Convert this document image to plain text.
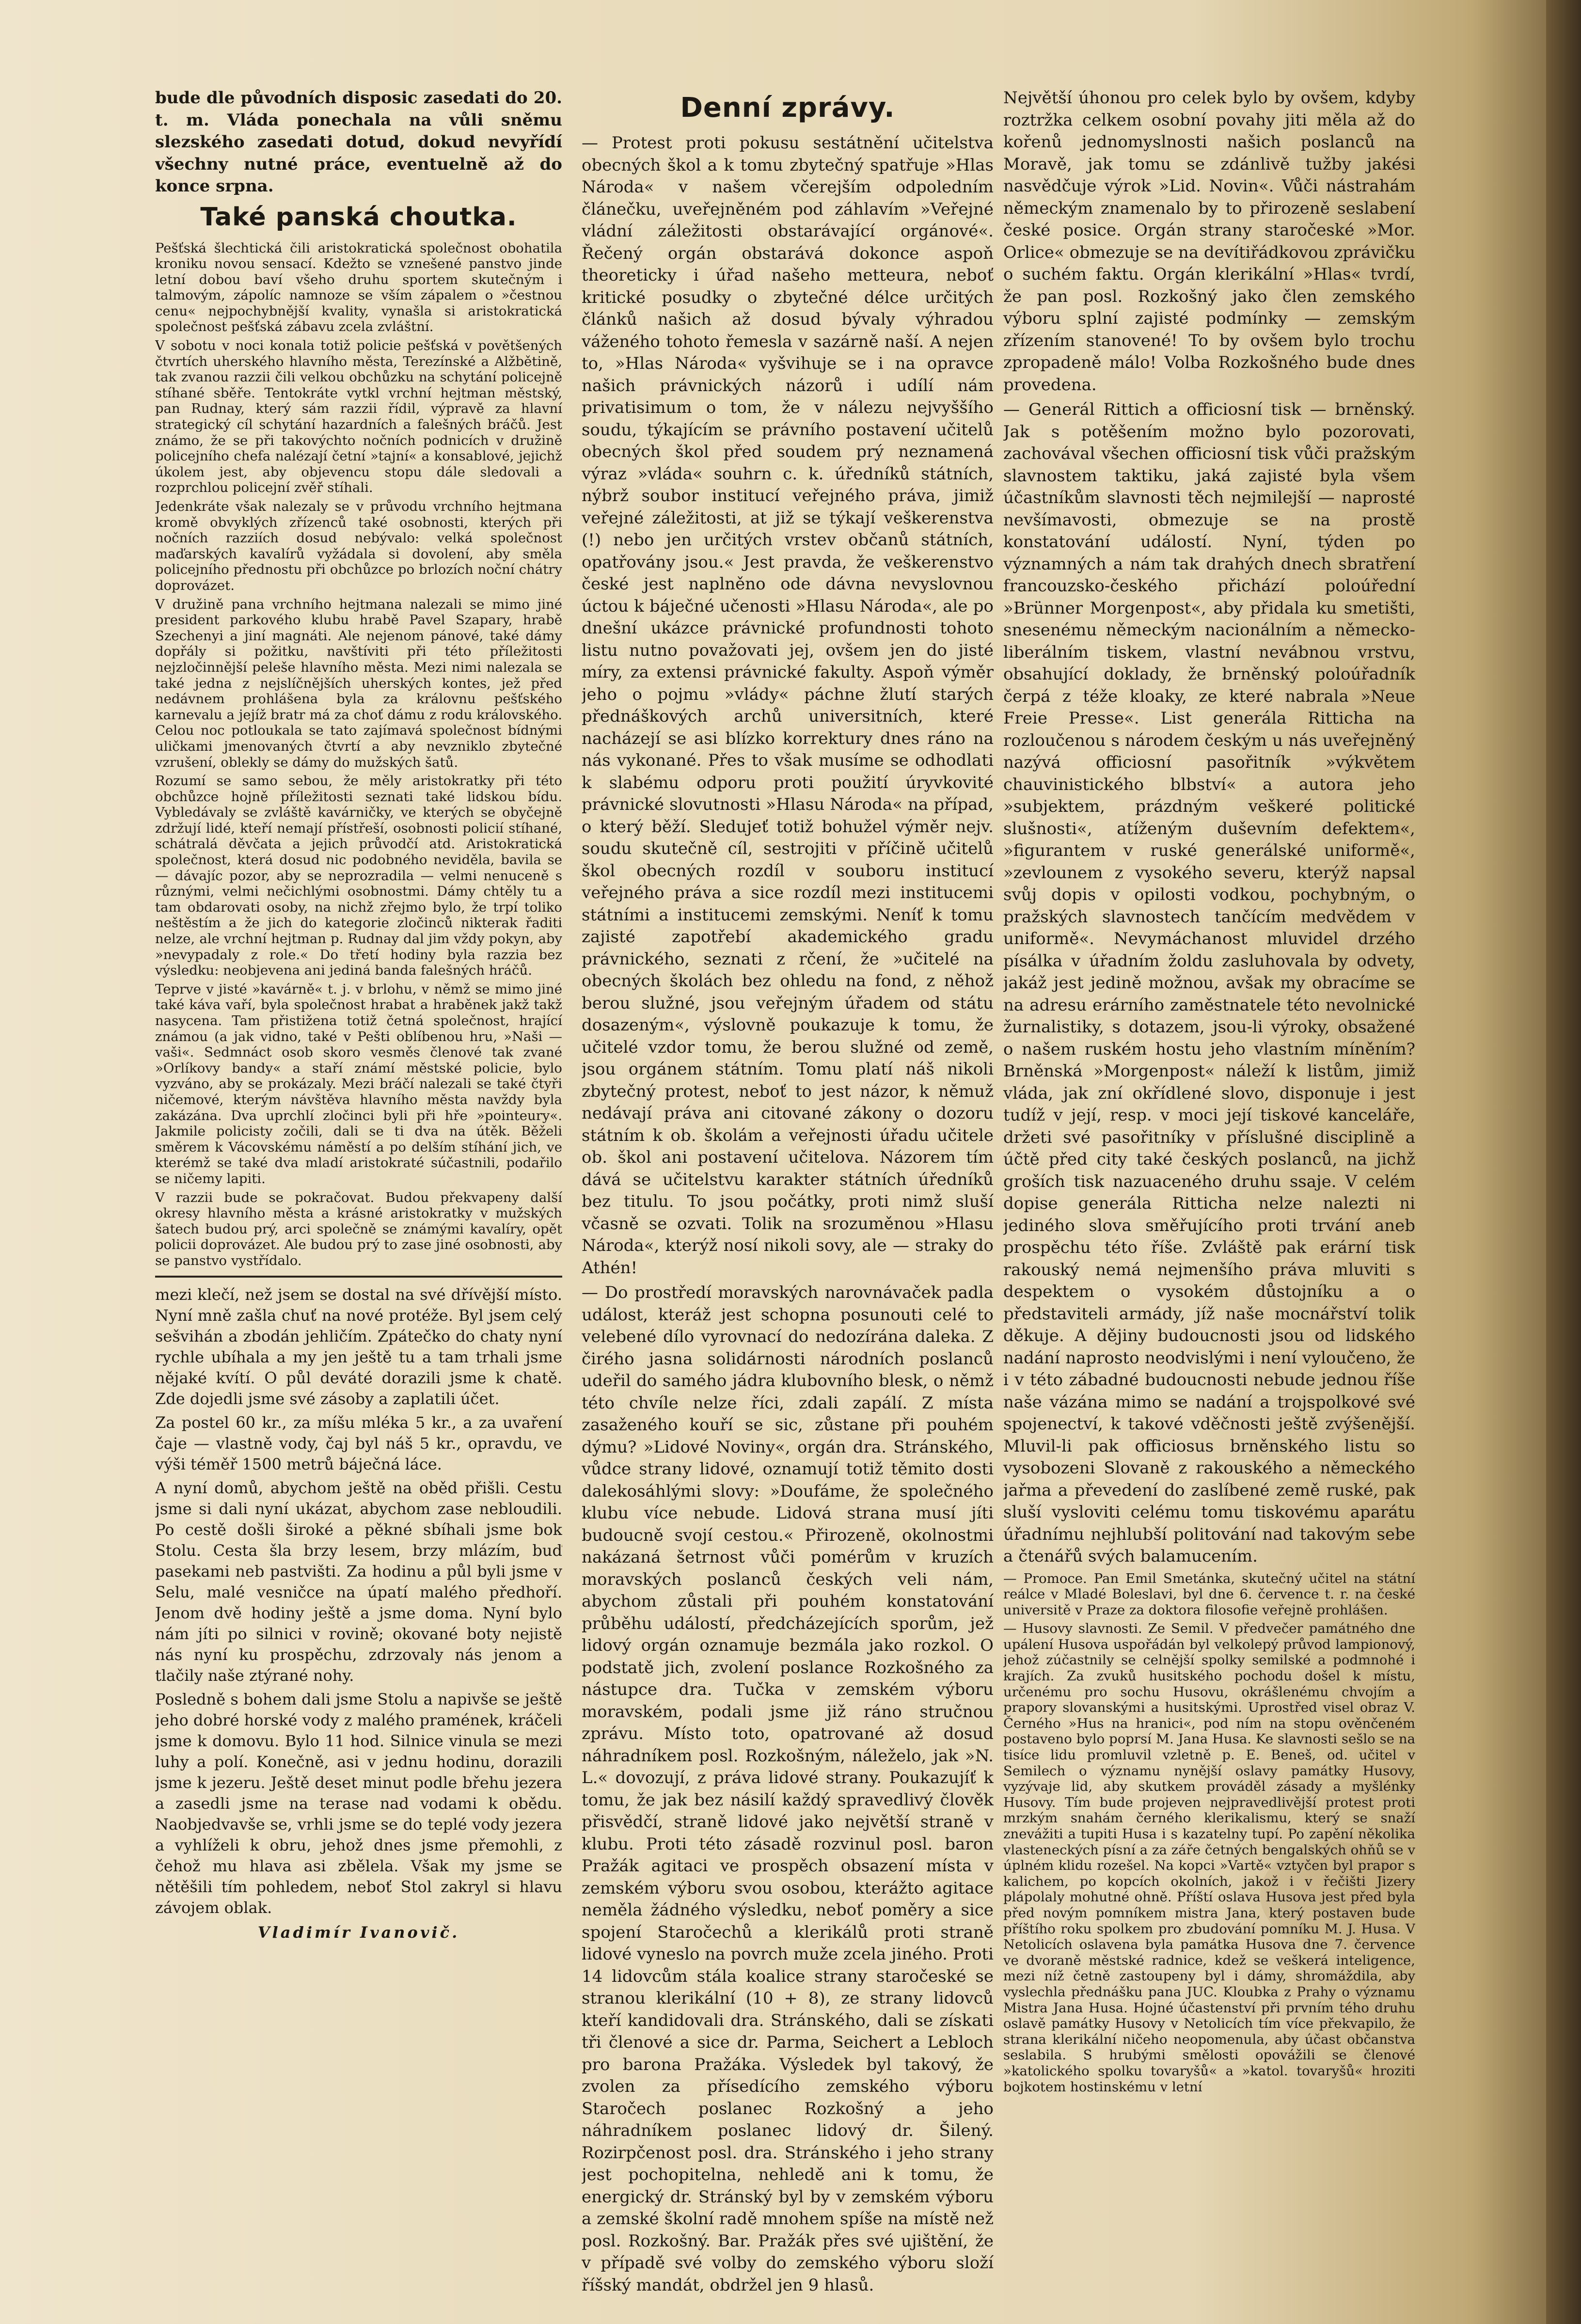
bude dle původních disposic zasedati do 20. t. m. Vláda ponechala na vůli sněmu slezského zasedati dotud, dokud nevyřídí všechny nutné práce, eventuelně až do konce srpna.

Také panská choutka.

Pešťská šlechtická čili aristokratická společnost obohatila kroniku novou sensací. Kdežto se vznešené panstvo jinde letní dobou baví všeho druhu sportem skutečným i talmovým, zápolíc namnoze se vším zápalem o »čestnou cenu« nejpochybnější kvality, vynašla si aristokratická společnost pešťská zábavu zcela zvláštní.

V sobotu v noci konala totiž policie pešťská v povětšených čtvrtích uherského hlavního města, Terezínské a Alžbětině, tak zvanou razzii čili velkou obchůzku na schytání policejně stíhané sběře. Tentokráte vytkl vrchní hejtman městský, pan Rudnay, který sám razzii řídil, výpravě za hlavní strategický cíl schytání hazardních a falešných bráčů. Jest známo, že se při takovýchto nočních podnicích v družině policejního chefa nalézají četní »tajní« a konsablové, jejichž úkolem jest, aby objevencu stopu dále sledovali a rozprchlou policejní zvěř stíhali.

Jedenkráte však nalezaly se v průvodu vrchního hejtmana kromě obvyklých zřízenců také osobnosti, kterých při nočních razziích dosud nebývalo: velká společnost maďarských kavalírů vyžádala si dovolení, aby směla policejního přednostu při obchůzce po brlozích noční chátry doprovázet.

V družině pana vrchního hejtmana nalezali se mimo jiné president parkového klubu hrabě Pavel Szapary, hrabě Szechenyi a jiní magnáti. Ale nejenom pánové, také dámy dopřály si požitku, navštíviti při této příležitosti nejzločinnější peleše hlavního města. Mezi nimi nalezala se také jedna z nejslíčnějších uherských kontes, jež před nedávnem prohlášena byla za královnu pešťského karnevalu a jejíž bratr má za choť dámu z rodu královského. Celou noc potloukala se tato zajímavá společnost bídnými uličkami jmenovaných čtvrtí a aby nevzniklo zbytečné vzrušení, oblekly se dámy do mužských šatů.

Rozumí se samo sebou, že měly aristokratky při této obchůzce hojně příležitosti seznati také lidskou bídu. Vybledávaly se zvláště kavárničky, ve kterých se obyčejně zdržují lidé, kteří nemají přístřeší, osobnosti policií stíhané, schátralá děvčata a jejich průvodčí atd. Aristokratická společnost, která dosud nic podobného neviděla, bavila se — dávajíc pozor, aby se neprozradila — velmi nenuceně s různými, velmi nečichlými osobnostmi. Dámy chtěly tu a tam obdarovati osoby, na nichž zřejmo bylo, že trpí toliko neštěstím a že jich do kategorie zločinců nikterak řaditi nelze, ale vrchní hejtman p. Rudnay dal jim vždy pokyn, aby »nevypadaly z role.« Do třetí hodiny byla razzia bez výsledku: neobjevena ani jediná banda falešných hráčů.

Teprve v jisté »kavárně« t. j. v brlohu, v němž se mimo jiné také káva vaří, byla společnost hrabat a hraběnek jakž takž nasycena. Tam přistižena totiž četná společnost, hrající známou (a jak vidno, také v Pešti oblíbenou hru, »Naši — vaši«. Sedmnáct osob skoro vesměs členové tak zvané »Orlíkovy bandy« a staří známí městské policie, bylo vyzváno, aby se prokázaly. Mezi bráčí nalezali se také čtyři ničemové, kterým návštěva hlavního města navždy byla zakázána. Dva uprchlí zločinci byli při hře »pointeury«. Jakmile policisty zočili, dali se ti dva na útěk. Běželi směrem k Vácovskému náměstí a po delším stíhání jich, ve kterémž se také dva mladí aristokraté súčastnili, podařilo se ničemy lapiti.

V razzii bude se pokračovat. Budou překvapeny další okresy hlavního města a krásné aristokratky v mužských šatech budou prý, arci společně se známými kavalíry, opět policii doprovázet. Ale budou prý to zase jiné osobnosti, aby se panstvo vystřídalo.

mezi klečí, než jsem se dostal na své dřívější místo. Nyní mně zašla chuť na nové protéže. Byl jsem celý sešvihán a zbodán jehličím. Zpátečko do chaty nyní rychle ubíhala a my jen ještě tu a tam trhali jsme nějaké kvítí. O půl deváté dorazili jsme k chatě. Zde dojedli jsme své zásoby a zaplatili účet.

Za postel 60 kr., za míšu mléka 5 kr., a za uvaření čaje — vlastně vody, čaj byl náš 5 kr., opravdu, ve výši téměř 1500 metrů báječná láce.

A nyní domů, abychom ještě na oběd přišli. Cestu jsme si dali nyní ukázat, abychom zase nebloudili. Po cestě došli široké a pěkné sbíhali jsme bok Stolu. Cesta šla brzy lesem, brzy mlázím, buď pasekami neb pastvišti. Za hodinu a půl byli jsme v Selu, malé vesničce na úpatí malého předhoří. Jenom dvě hodiny ještě a jsme doma. Nyní bylo nám jíti po silnici v rovině; okované boty nejistě nás nyní ku prospěchu, zdrzovaly nás jenom a tlačily naše ztýrané nohy.

Posledně s bohem dali jsme Stolu a napivše se ještě jeho dobré horské vody z malého pramének, kráčeli jsme k domovu. Bylo 11 hod. Silnice vinula se mezi luhy a polí. Konečně, asi v jednu hodinu, dorazili jsme k jezeru. Ještě deset minut podle břehu jezera a zasedli jsme na terase nad vodami k obědu. Naobjedvavše se, vrhli jsme se do teplé vody jezera a vyhlíželi k obru, jehož dnes jsme přemohli, z čehož mu hlava asi zbělela. Však my jsme se nětěšili tím pohledem, neboť Stol zakryl si hlavu závojem oblak.

Vladimír Ivanovič.
Denní zprávy.

— Protest proti pokusu sestátnění učitelstva obecných škol a k tomu zbytečný spatřuje »Hlas Národa« v našem včerejším odpoledním článečku, uveřejněném pod záhlavím »Veřejné vládní záležitosti obstarávající orgánové«. Řečený orgán obstarává dokonce aspoň theoreticky i úřad našeho metteura, neboť kritické posudky o zbytečné délce určitých článků našich až dosud bývaly výhradou váženého tohoto řemesla v sazárně naší. A nejen to, »Hlas Národa« vyšvihuje se i na opravce našich právnických názorů i udílí nám privatisimum o tom, že v nálezu nejvyššího soudu, týkajícím se právního postavení učitelů obecných škol před soudem prý neznamená výraz »vláda« souhrn c. k. úředníků státních, nýbrž soubor institucí veřejného práva, jimiž veřejné záležitosti, at již se týkají veškerenstva (!) nebo jen určitých vrstev občanů státních, opatřovány jsou.« Jest pravda, že veškerenstvo české jest naplněno ode dávna nevyslovnou úctou k báječné učenosti »Hlasu Národa«, ale po dnešní ukázce právnické profundnosti tohoto listu nutno považovati jej, ovšem jen do jisté míry, za extensi právnické fakulty. Aspoň výměr jeho o pojmu »vlády« páchne žlutí starých přednáškových archů universitních, které nacházejí se asi blízko korrektury dnes ráno na nás vykonané. Přes to však musíme se odhodlati k slabému odporu proti použití úryvkovité právnické slovutnosti »Hlasu Národa« na případ, o který běží. Sledujeť totiž bohužel výměr nejv. soudu skutečně cíl, sestrojiti v příčině učitelů škol obecných rozdíl v souboru institucí veřejného práva a sice rozdíl mezi institucemi státními a institucemi zemskými. Neníť k tomu zajisté zapotřebí akademického gradu právnického, seznati z rčení, že »učitelé na obecných školách bez ohledu na fond, z něhož berou služné, jsou veřejným úřadem od státu dosazeným«, výslovně poukazuje k tomu, že učitelé vzdor tomu, že berou služné od země, jsou orgánem státním. Tomu platí náš nikoli zbytečný protest, neboť to jest názor, k němuž nedávají práva ani citované zákony o dozoru státním k ob. školám a veřejnosti úřadu učitele ob. škol ani postavení učitelova. Názorem tím dává se učitelstvu karakter státních úředníků bez titulu. To jsou počátky, proti nimž sluší včasně se ozvati. Tolik na srozuměnou »Hlasu Národa«, kterýž nosí nikoli sovy, ale — straky do Athén!

— Do prostředí moravských narovnávaček padla událost, kteráž jest schopna posunouti celé to velebené dílo vyrovnací do nedozírána daleka. Z čirého jasna solidárnosti národních poslanců udeřil do samého jádra klubovního blesk, o němž této chvíle nelze říci, zdali zapálí. Z místa zasaženého kouří se sic, zůstane při pouhém dýmu? »Lidové Noviny«, orgán dra. Stránského, vůdce strany lidové, oznamují totiž těmito dosti dalekosáhlými slovy: »Doufáme, že společného klubu více nebude. Lidová strana musí jíti budoucně svojí cestou.« Přirozeně, okolnostmi nakázaná šetrnost vůči pomérům v kruzích moravských poslanců českých veli nám, abychom zůstali při pouhém konstatování průběhu událostí, předcházejících sporům, jež lidový orgán oznamuje bezmála jako rozkol. O podstatě jich, zvolení poslance Rozkošného za nástupce dra. Tučka v zemském výboru moravském, podali jsme již ráno stručnou zprávu. Místo toto, opatrované až dosud náhradníkem posl. Rozkošným, náleželo, jak »N. L.« dovozují, z práva lidové strany. Poukazujíť k tomu, že jak bez násilí každý spravedlivý člověk přisvědčí, straně lidové jako největší straně v klubu. Proti této zásadě rozvinul posl. baron Pražák agitaci ve prospěch obsazení místa v zemském výboru svou osobou, kterážto agitace neměla žádného výsledku, neboť poměry a sice spojení Staročechů a klerikálů proti straně lidové vyneslo na povrch muže zcela jiného. Proti 14 lidovcům stála koalice strany staročeské se stranou klerikální (10 + 8), ze strany lidovců kteří kandidovali dra. Stránského, dali se získati tři členové a sice dr. Parma, Seichert a Lebloch pro barona Pražáka. Výsledek byl takový, že zvolen za přísedícího zemského výboru Staročech poslanec Rozkošný a jeho náhradníkem poslanec lidový dr. Šilený. Rozirpčenost posl. dra. Stránského i jeho strany jest pochopitelna, nehledě ani k tomu, že energický dr. Stránský byl by v zemském výboru a zemské školní radě mnohem spíše na místě než posl. Rozkošný. Bar. Pražák přes své ujištění, že v případě své volby do zemského výboru složí říšský mandát, obdržel jen 9 hlasů.

Největší úhonou pro celek bylo by ovšem, kdyby roztržka celkem osobní povahy jiti měla až do kořenů jednomyslnosti našich poslanců na Moravě, jak tomu se zdánlivě tužby jakési nasvědčuje výrok »Lid. Novin«. Vůči nástrahám německým znamenalo by to přirozeně seslabení české posice. Orgán strany staročeské »Mor. Orlice« obmezuje se na devítiřádkovou zprávičku o suchém faktu. Orgán klerikální »Hlas« tvrdí, že pan posl. Rozkošný jako člen zemského výboru splní zajisté podmínky — zemským zřízením stanovené! To by ovšem bylo trochu zpropadeně málo! Volba Rozkošného bude dnes provedena.

— Generál Rittich a officiosní tisk — brněnský. Jak s potěšením možno bylo pozorovati, zachovával všechen officiosní tisk vůči pražským slavnostem taktiku, jaká zajisté byla všem účastníkům slavnosti těch nejmilejší — naprosté nevšímavosti, obmezuje se na prostě konstatování událostí. Nyní, týden po významných a nám tak drahých dnech sbratření francouzsko-českého přichází poloúřední »Brünner Morgenpost«, aby přidala ku smetišti, snesenému německým nacionálním a německo-liberálním tiskem, vlastní nevábnou vrstvu, obsahující doklady, že brněnský poloúřadník čerpá z téže kloaky, ze které nabrala »Neue Freie Presse«. List generála Ritticha na rozloučenou s národem českým u nás uveřejněný nazývá officiosní pasořitník »výkvětem chauvinistického blbství« a autora jeho »subjektem, prázdným veškeré politické slušnosti«, atíženým duševním defektem«, »figurantem v ruské generálské uniformě«, »zevlounem z vysokého severu, kterýž napsal svůj dopis v opilosti vodkou, pochybným, o pražských slavnostech tančícím medvědem v uniformě«. Nevymáchanost mluvidel drzého písálka v úřadním žoldu zasluhovala by odvety, jakáž jest jedině možnou, avšak my obracíme se na adresu erárního zaměstnatele této nevolnické žurnalistiky, s dotazem, jsou-li výroky, obsažené o našem ruském hostu jeho vlastním míněním? Brněnská »Morgenpost« náleží k listům, jimiž vláda, jak zní okřídlené slovo, disponuje i jest tudíž v její, resp. v moci její tiskové kanceláře, držeti své pasořitníky v příslušné disciplině a účtě před city také českých poslanců, na jichž groších tisk nazuaceného druhu ssaje. V celém dopise generála Ritticha nelze nalezti ni jediného slova směřujícího proti trvání aneb prospěchu této říše. Zvláště pak erární tisk rakouský nemá nejmenšího práva mluviti s despektem o vysokém důstojníku a o představiteli armády, jíž naše mocnářství tolik děkuje. A dějiny budoucnosti jsou od lidského nadání naprosto neodvislými i není vyloučeno, že i v této zábadné budoucnosti nebude jednou říše naše vázána mimo se nadání a trojspolkové své spojenectví, k takové vděčnosti ještě zvýšenější. Mluvil-li pak officiosus brněnského listu so vysobozeni Slovaně z rakouského a německého jařma a převedení do zaslíbené země ruské, pak sluší vysloviti celému tomu tiskovému aparátu úřadnímu nejhlubší politování nad takovým sebe a čtenářů svých balamucením.

— Promoce. Pan Emil Smetánka, skutečný učitel na státní reálce v Mladé Boleslavi, byl dne 6. července t. r. na české universitě v Praze za doktora filosofie veřejně prohlášen.

— Husovy slavnosti. Ze Semil. V předvečer památného dne upálení Husova uspořádán byl velkolepý průvod lampionový, jehož zúčastnily se celnější spolky semilské a podmnohé i krajích. Za zvuků husitského pochodu došel k místu, určenému pro sochu Husovu, okrášlenému chvojím a prapory slovanskými a husitskými. Uprostřed visel obraz V. Černého »Hus na hranici«, pod ním na stopu ověnčeném postaveno bylo poprsí M. Jana Husa. Ke slavnosti sešlo se na tisíce lidu promluvil vzletně p. E. Beneš, od. učitel v Semilech o významu nynější oslavy památky Husovy, vyzývaje lid, aby skutkem prováděl zásady a myšlénky Husovy. Tím bude projeven nejpravedlivější protest proti mrzkým snahám černého klerikalismu, který se snaží znevážiti a tupiti Husa i s kazatelny tupí. Po zapění několika vlasteneckých písní a za záře četných bengalských ohňů se v úplném klidu rozešel. Na kopci »Vartě« vztyčen byl prapor s kalichem, po kopcích okolních, jakož i v řečišti Jizery plápolaly mohutné ohně. Příští oslava Husova jest před byla před novým pomníkem mistra Jana, který postaven bude příštího roku spolkem pro zbudování pomníku M. J. Husa. V Netolicích oslavena byla památka Husova dne 7. července ve dvoraně městské radnice, kdež se veškerá inteligence, mezi níž četně zastoupeny byl i dámy, shromáždila, aby vyslechla přednášku pana JUC. Kloubka z Prahy o významu Mistra Jana Husa. Hojné účastenství při prvním tého druhu oslavě památky Husovy v Netolicích tím více překvapilo, že strana klerikální ničeho neopomenula, aby účast občanstva seslabila. S hrubými smělosti opovážili se členové »katolického spolku tovaryšů« a »katol. tovaryšů« hroziti bojkotem hostinskému v letní
